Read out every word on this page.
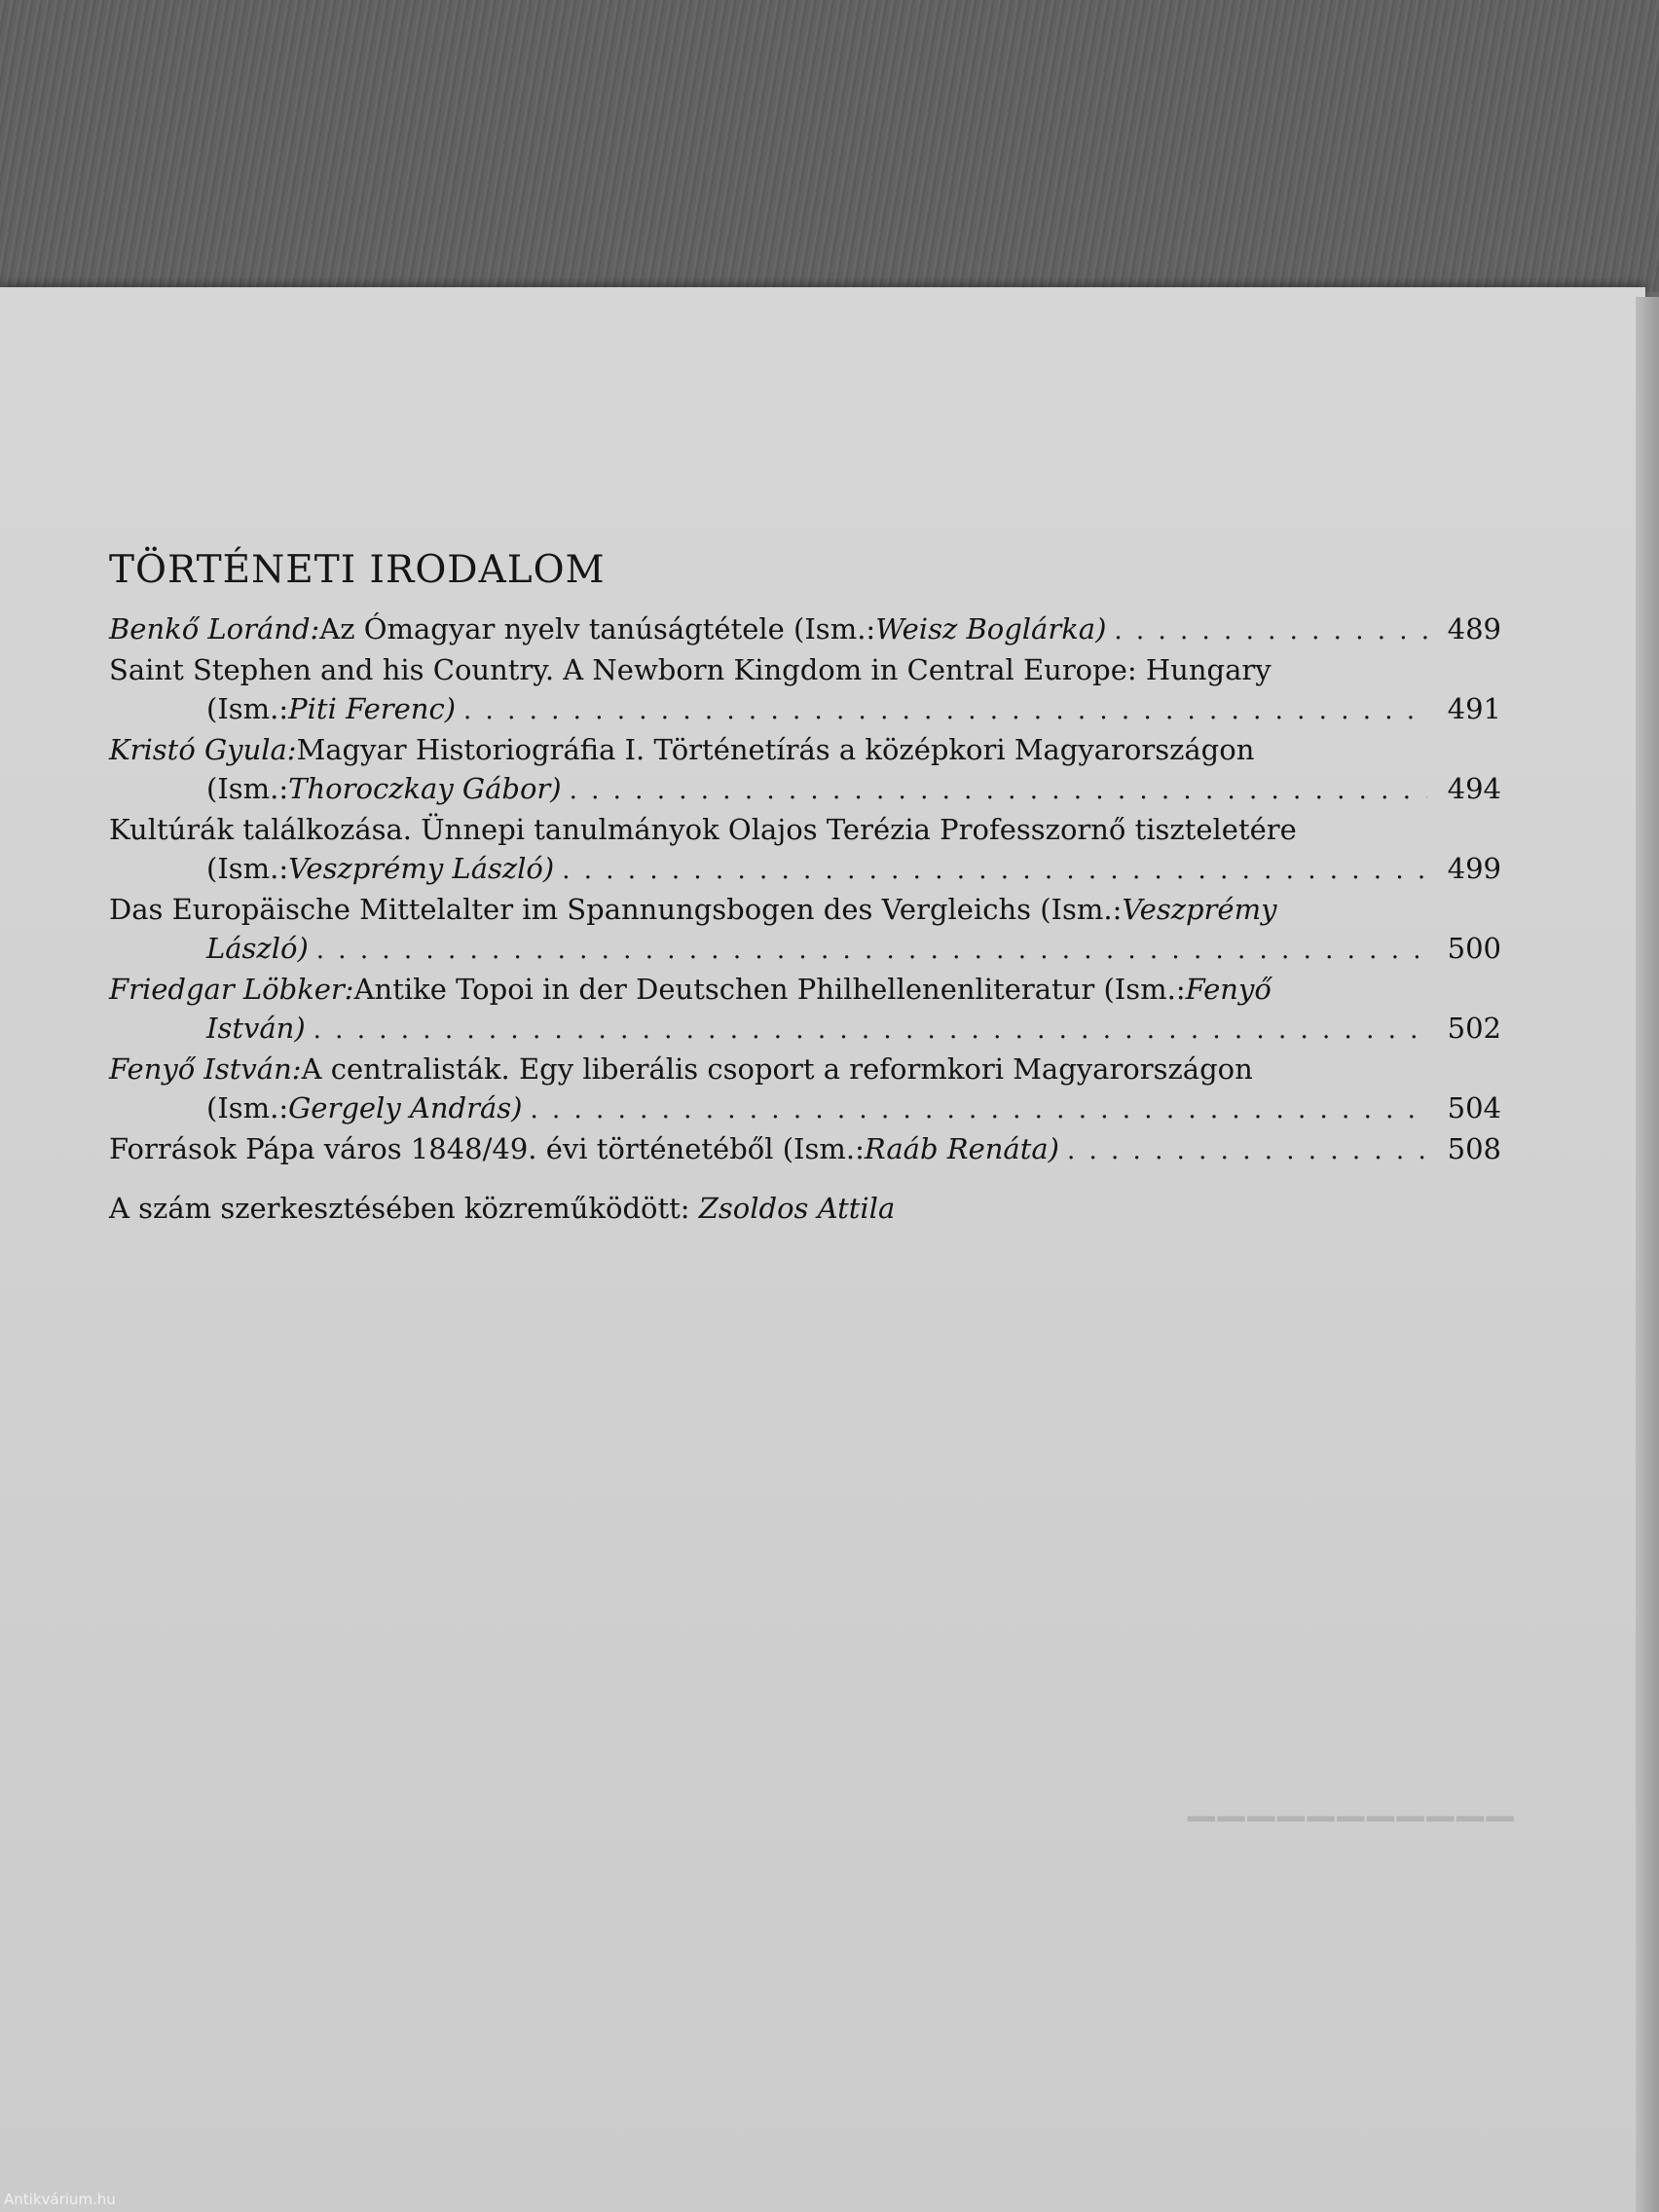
▁▁▁▁▁▁▁▁▁▁▁
TÖRTÉNETI IRODALOM
Benkő Loránd: Az Ómagyar nyelv tanúságtétele (Ism.: Weisz Boglárka) . . .	489
Saint Stephen and his Country. A Newborn Kingdom in Central Europe: Hungary
(Ism.: Piti Ferenc) . . .	491
Kristó Gyula: Magyar Historiográfia I. Történetírás a középkori Magyarországon
(Ism.: Thoroczkay Gábor) . . .	494
Kultúrák találkozása. Ünnepi tanulmányok Olajos Terézia Professzornő tiszteletére
(Ism.: Veszprémy László) . . .	499
Das Europäische Mittelalter im Spannungsbogen des Vergleichs (Ism.: Veszprémy
László) . . .	500
Friedgar Löbker: Antike Topoi in der Deutschen Philhellenenliteratur (Ism.: Fenyő
István) . . .	502
Fenyő István: A centralisták. Egy liberális csoport a reformkori Magyarországon
(Ism.: Gergely András) . . .	504
Források Pápa város 1848/49. évi történetéből (Ism.: Raáb Renáta) . . .	508
A szám szerkesztésében közreműködött: Zsoldos Attila
Antikvárium.hu
